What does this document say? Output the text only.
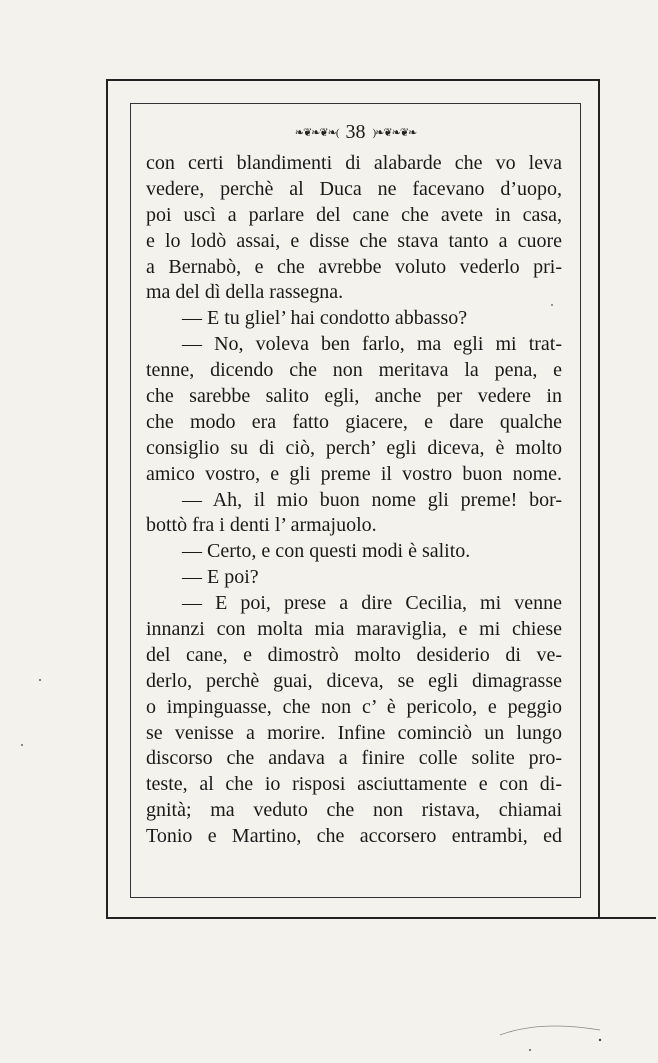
❧❦❧❦❧( 38 )❧❦❧❦❧
con certi blandimenti di alabarde che vo leva
vedere, perchè al Duca ne facevano d’uopo,
poi uscì a parlare del cane che avete in casa,
e lo lodò assai, e disse che stava tanto a cuore
a Bernabò, e che avrebbe voluto vederlo pri-
ma del dì della rassegna.
— E tu gliel’ hai condotto abbasso?
— No, voleva ben farlo, ma egli mi trat-
tenne, dicendo che non meritava la pena, e
che sarebbe salito egli, anche per vedere in
che modo era fatto giacere, e dare qualche
consiglio su di ciò, perch’ egli diceva, è molto
amico vostro, e gli preme il vostro buon nome.
— Ah, il mio buon nome gli preme! bor-
bottò fra i denti l’ armajuolo.
— Certo, e con questi modi è salito.
— E poi?
— E poi, prese a dire Cecilia, mi venne
innanzi con molta mia maraviglia, e mi chiese
del cane, e dimostrò molto desiderio di ve-
derlo, perchè guai, diceva, se egli dimagrasse
o impinguasse, che non c’ è pericolo, e peggio
se venisse a morire. Infine cominciò un lungo
discorso che andava a finire colle solite pro-
teste, al che io risposi asciuttamente e con di-
gnità; ma veduto che non ristava, chiamai
Tonio e Martino, che accorsero entrambi, ed
